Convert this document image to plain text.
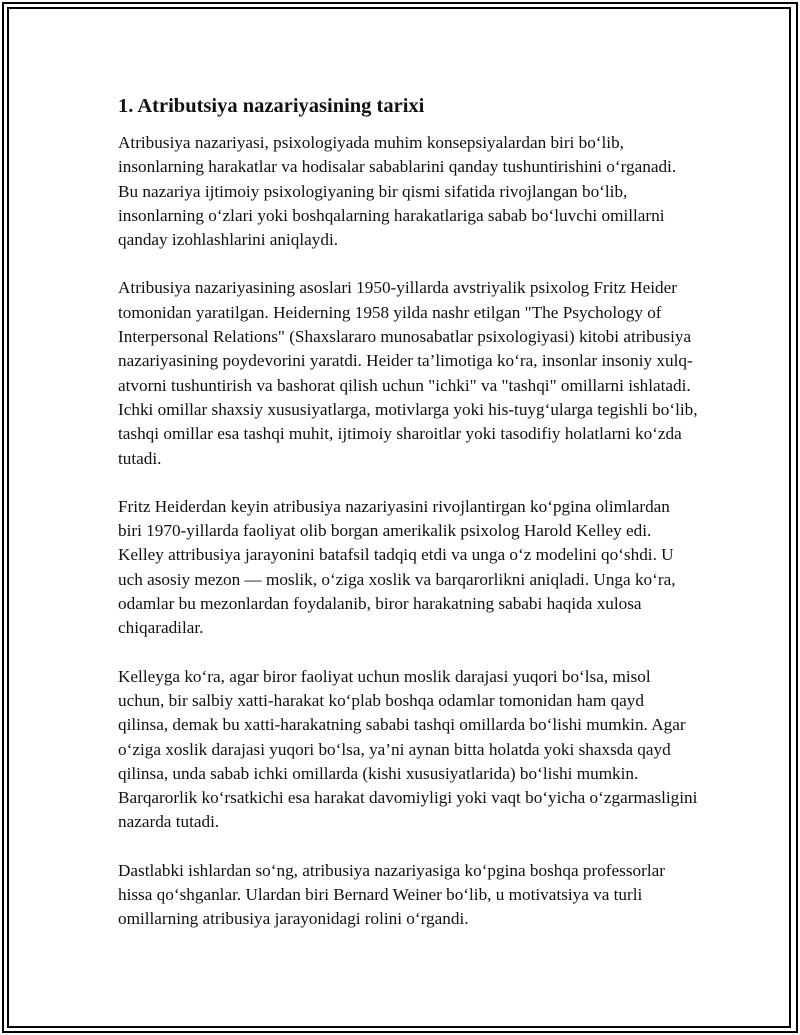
1. Atributsiya nazariyasining tarixi

Atribusiya nazariyasi, psixologiyada muhim konsepsiyalardan biri bo‘lib, insonlarning harakatlar va hodisalar sabablarini qanday tushuntirishini o‘rganadi. Bu nazariya ijtimoiy psixologiyaning bir qismi sifatida rivojlangan bo‘lib, insonlarning o‘zlari yoki boshqalarning harakatlariga sabab bo‘luvchi omillarni qanday izohlashlarini aniqlaydi.

Atribusiya nazariyasining asoslari 1950-yillarda avstriyalik psixolog Fritz Heider tomonidan yaratilgan. Heiderning 1958 yilda nashr etilgan "The Psychology of Interpersonal Relations" (Shaxslararo munosabatlar psixologiyasi) kitobi atribusiya nazariyasining poydevorini yaratdi. Heider ta’limotiga ko‘ra, insonlar insoniy xulq-atvorni tushuntirish va bashorat qilish uchun "ichki" va "tashqi" omillarni ishlatadi. Ichki omillar shaxsiy xususiyatlarga, motivlarga yoki his-tuyg‘ularga tegishli bo‘lib, tashqi omillar esa tashqi muhit, ijtimoiy sharoitlar yoki tasodifiy holatlarni ko‘zda tutadi.

Fritz Heiderdan keyin atribusiya nazariyasini rivojlantirgan ko‘pgina olimlardan biri 1970-yillarda faoliyat olib borgan amerikalik psixolog Harold Kelley edi. Kelley attribusiya jarayonini batafsil tadqiq etdi va unga o‘z modelini qo‘shdi. U uch asosiy mezon — moslik, o‘ziga xoslik va barqarorlikni aniqladi. Unga ko‘ra, odamlar bu mezonlardan foydalanib, biror harakatning sababi haqida xulosa chiqaradilar.

Kelleyga ko‘ra, agar biror faoliyat uchun moslik darajasi yuqori bo‘lsa, misol uchun, bir salbiy xatti-harakat ko‘plab boshqa odamlar tomonidan ham qayd qilinsa, demak bu xatti-harakatning sababi tashqi omillarda bo‘lishi mumkin. Agar o‘ziga xoslik darajasi yuqori bo‘lsa, ya’ni aynan bitta holatda yoki shaxsda qayd qilinsa, unda sabab ichki omillarda (kishi xususiyatlarida) bo‘lishi mumkin. Barqarorlik ko‘rsatkichi esa harakat davomiyligi yoki vaqt bo‘yicha o‘zgarmasligini nazarda tutadi.

Dastlabki ishlardan so‘ng, atribusiya nazariyasiga ko‘pgina boshqa professorlar hissa qo‘shganlar. Ulardan biri Bernard Weiner bo‘lib, u motivatsiya va turli omillarning atribusiya jarayonidagi rolini o‘rgandi.
